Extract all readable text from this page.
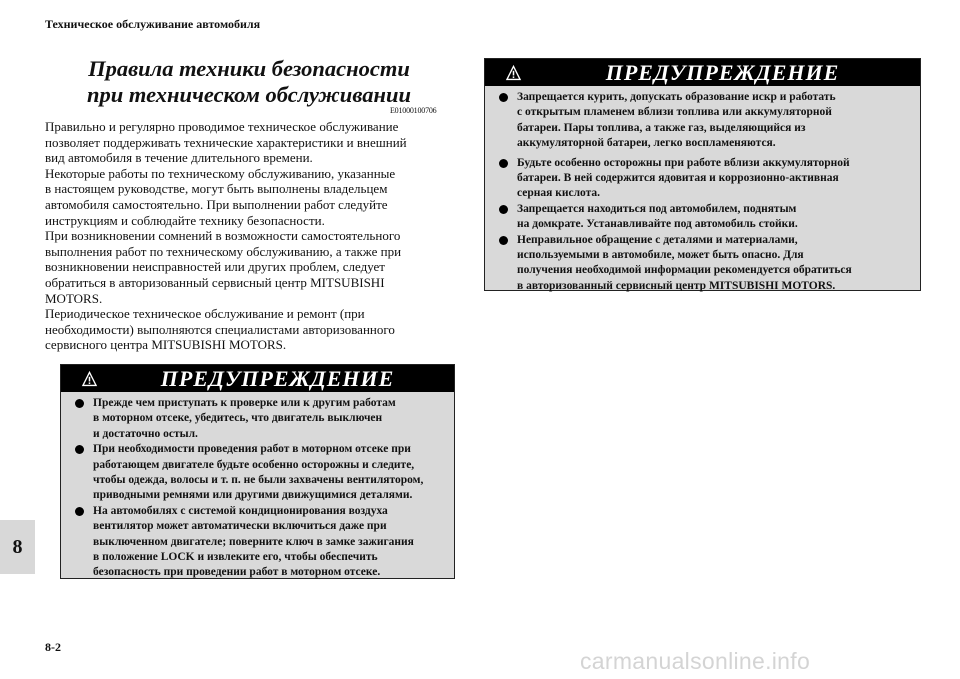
Техническое обслуживание автомобиля
8
Правила техники безопасности
при техническом обслуживании
E01000100706

Правильно и регулярно проводимое техническое обслуживание
позволяет поддерживать технические характеристики и внешний
вид автомобиля в течение длительного времени.

Некоторые работы по техническому обслуживанию, указанные
в настоящем руководстве, могут быть выполнены владельцем
автомобиля самостоятельно. При выполнении работ следуйте
инструкциям и соблюдайте технику безопасности.

При возникновении сомнений в возможности самостоятельного
выполнения работ по техническому обслуживанию, а также при
возникновении неисправностей или других проблем, следует
обратиться в авторизованный сервисный центр MITSUBISHI
MOTORS.

Периодическое техническое обслуживание и ремонт (при
необходимости) выполняются специалистами авторизованного
сервисного центра MITSUBISHI MOTORS.

ПРЕДУПРЕЖДЕНИЕ
Прежде чем приступать к проверке или к другим работам
в моторном отсеке, убедитесь, что двигатель выключен
и достаточно остыл.
При необходимости проведения работ в моторном отсеке при
работающем двигателе будьте особенно осторожны и следите,
чтобы одежда, волосы и т. п. не были захвачены вентилятором,
приводными ремнями или другими движущимися деталями.
На автомобилях с системой кондиционирования воздуха
вентилятор может автоматически включиться даже при
выключенном двигателе; поверните ключ в замке зажигания
в положение LOCK и извлеките его, чтобы обеспечить
безопасность при проведении работ в моторном отсеке.
ПРЕДУПРЕЖДЕНИЕ
Запрещается курить, допускать образование искр и работать
с открытым пламенем вблизи топлива или аккумуляторной
батареи. Пары топлива, а также газ, выделяющийся из
аккумуляторной батареи, легко воспламеняются.
Будьте особенно осторожны при работе вблизи аккумуляторной
батареи. В ней содержится ядовитая и коррозионно-активная
серная кислота.
Запрещается находиться под автомобилем, поднятым
на домкрате. Устанавливайте под автомобиль стойки.
Неправильное обращение с деталями и материалами,
используемыми в автомобиле, может быть опасно. Для
получения необходимой информации рекомендуется обратиться
в авторизованный сервисный центр MITSUBISHI MOTORS.
8-2
carmanualsonline.info
